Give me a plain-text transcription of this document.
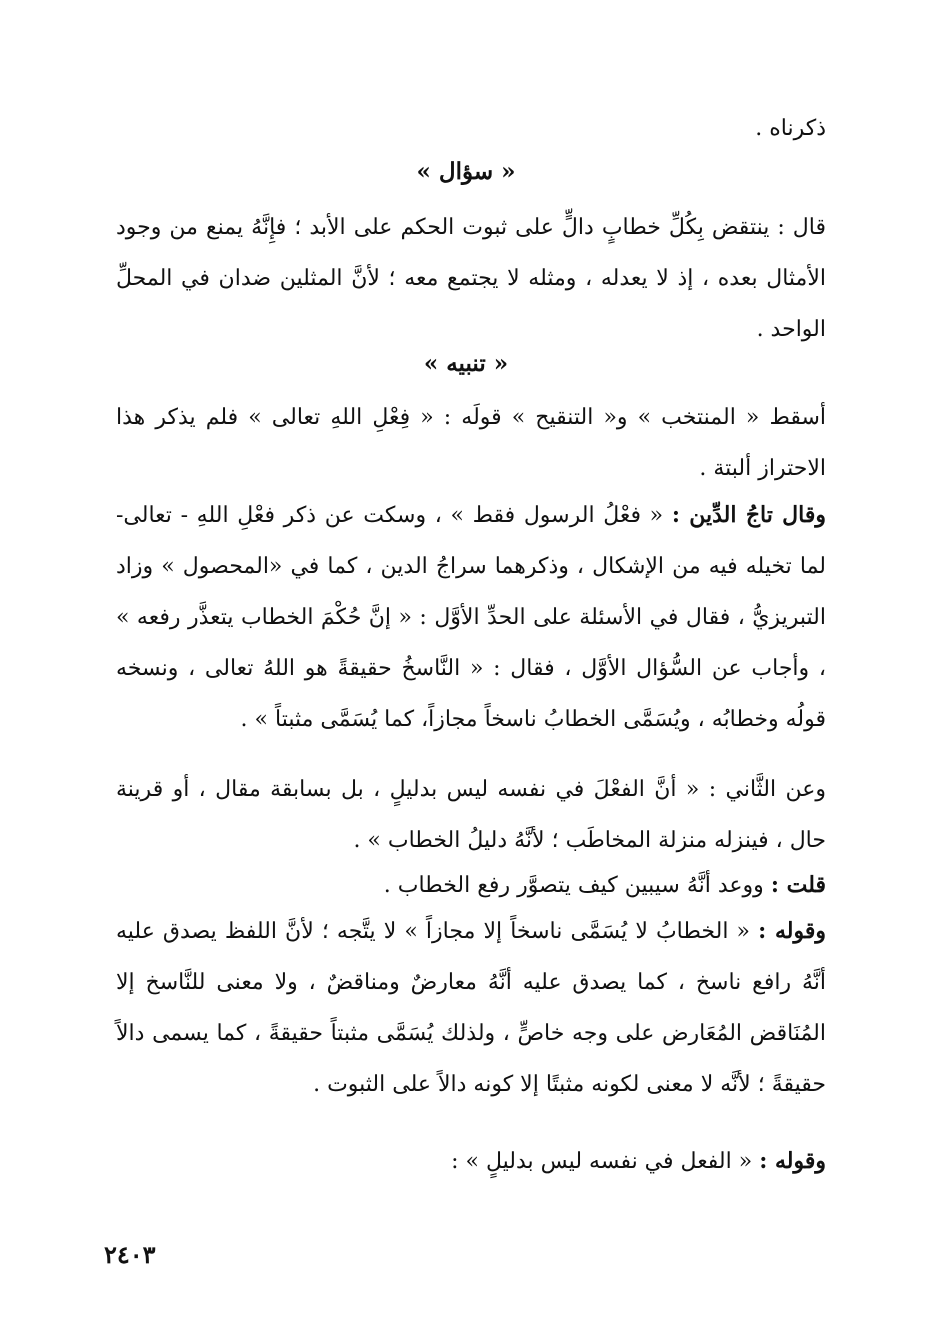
ذكرناه .
« سؤال »
قال : ينتقض بِكُلِّ خطابٍ دالٍّ على ثبوت الحكم على الأبد ؛ فإِنَّهُ يمنع من وجود الأمثال بعده ، إذ لا يعدله ، ومثله لا يجتمع معه ؛ لأنَّ المثلين ضدان في المحلِّ الواحد .
« تنبيه »
أسقط « المنتخب » و« التنقيح » قولَه : « فِعْلِ اللهِ تعالى » فلم يذكر هذا الاحتراز ألبتة .
وقال تاجُ الدِّين : « فعْلُ الرسول فقط » ، وسكت عن ذكر فعْلِ اللهِ - تعالى- لما تخيله فيه من الإشكال ، وذكرهما سراجُ الدين ، كما في «المحصول » وزاد التبريزيُّ ، فقال في الأسئلة على الحدِّ الأوَّل : « إنَّ حُكْمَ الخطاب يتعذَّر رفعه » ، وأجاب عن السُّؤال الأوَّل ، فقال : « النَّاسخُ حقيقةً هو اللهُ تعالى ، ونسخه قولُه وخطابُه ، ويُسَمَّى الخطابُ ناسخاً مجازاً، كما يُسَمَّى مثبتاً » .
وعن الثَّاني : « أنَّ الفعْلَ في نفسه ليس بدليلٍ ، بل بسابقة مقال ، أو قرينة حال ، فينزله منزلة المخاطَب ؛ لأنَّهُ دليلُ الخطاب » .
قلت : ووعد أنَّهُ سيبين كيف يتصوَّر رفع الخطاب .
وقوله : « الخطابُ لا يُسَمَّى ناسخاً إلا مجازاً » لا يتَّجه ؛ لأنَّ اللفظ يصدق عليه أنَّهُ رافع ناسخ ، كما يصدق عليه أنَّهُ معارضٌ ومناقضٌ ، ولا معنى للنَّاسخ إلا المُنَاقض المُعَارض على وجه خاصٍّ ، ولذلك يُسَمَّى مثبتاً حقيقةً ، كما يسمى دالاً حقيقةً ؛ لأنَّه لا معنى لكونه مثبتًا إلا كونه دالاً على الثبوت .
وقوله : « الفعل في نفسه ليس بدليلٍ » :
٢٤٠٣
